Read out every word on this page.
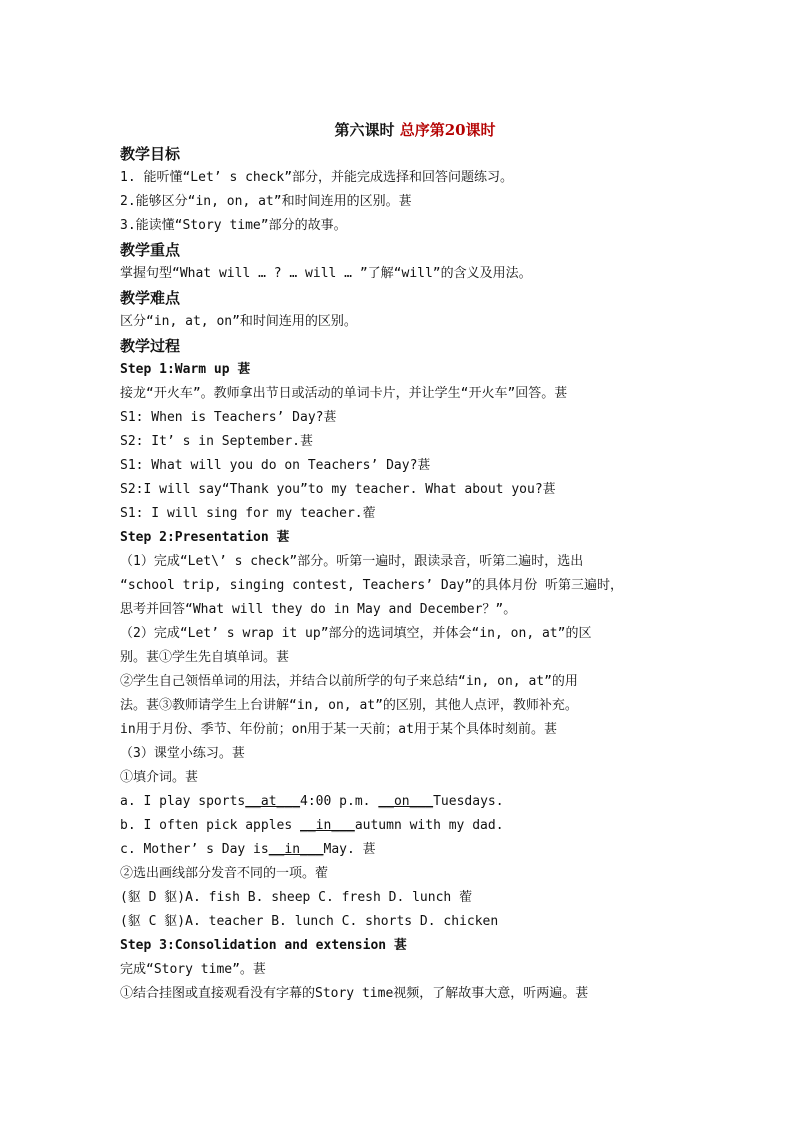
第六课时 总序第20课时
教学目标
1. 能听懂“Let’ s check”部分，并能完成选择和回答问题练习。
2.能够区分“in, on, at”和时间连用的区别。葚
3.能读懂“Story time”部分的故事。
教学重点
掌握句型“What will … ? … will … ”了解“will”的含义及用法。
教学难点
区分“in, at, on”和时间连用的区别。
教学过程
Step 1:Warm up 葚
接龙“开火车”。教师拿出节日或活动的单词卡片，并让学生“开火车”回答。葚
S1: When is Teachers’ Day?葚
S2: It’ s in September.葚
S1: What will you do on Teachers’ Day?葚
S2:I will say“Thank you”to my teacher. What about you?葚
S1: I will sing for my teacher.蒮
Step 2:Presentation 葚
（1）完成“Let\’ s check”部分。听第一遍时，跟读录音，听第二遍时，选出
“school trip, singing contest, Teachers’ Day”的具体月份 听第三遍时，
思考并回答“What will they do in May and December？”。
（2）完成“Let’ s wrap it up”部分的选词填空，并体会“in, on, at”的区
别。葚①学生先自填单词。葚
②学生自己领悟单词的用法，并结合以前所学的句子来总结“in, on, at”的用
法。葚③教师请学生上台讲解“in, on, at”的区别，其他人点评，教师补充。
in用于月份、季节、年份前；on用于某一天前；at用于某个具体时刻前。葚
（3）课堂小练习。葚
①填介词。葚
a. I play sports__at___4:00 p.m. __on___Tuesdays.
b. I often pick apples __in___autumn with my dad.
c. Mother’ s Day is__in___May. 葚
②选出画线部分发音不同的一项。蒮
(䝙 D 䝙)A. fish B. sheep C. fresh D. lunch 蒮
(䝙 C 䝙)A. teacher B. lunch C. shorts D. chicken
Step 3:Consolidation and extension 葚
完成“Story time”。葚
①结合挂图或直接观看没有字幕的Story time视频，了解故事大意，听两遍。葚
